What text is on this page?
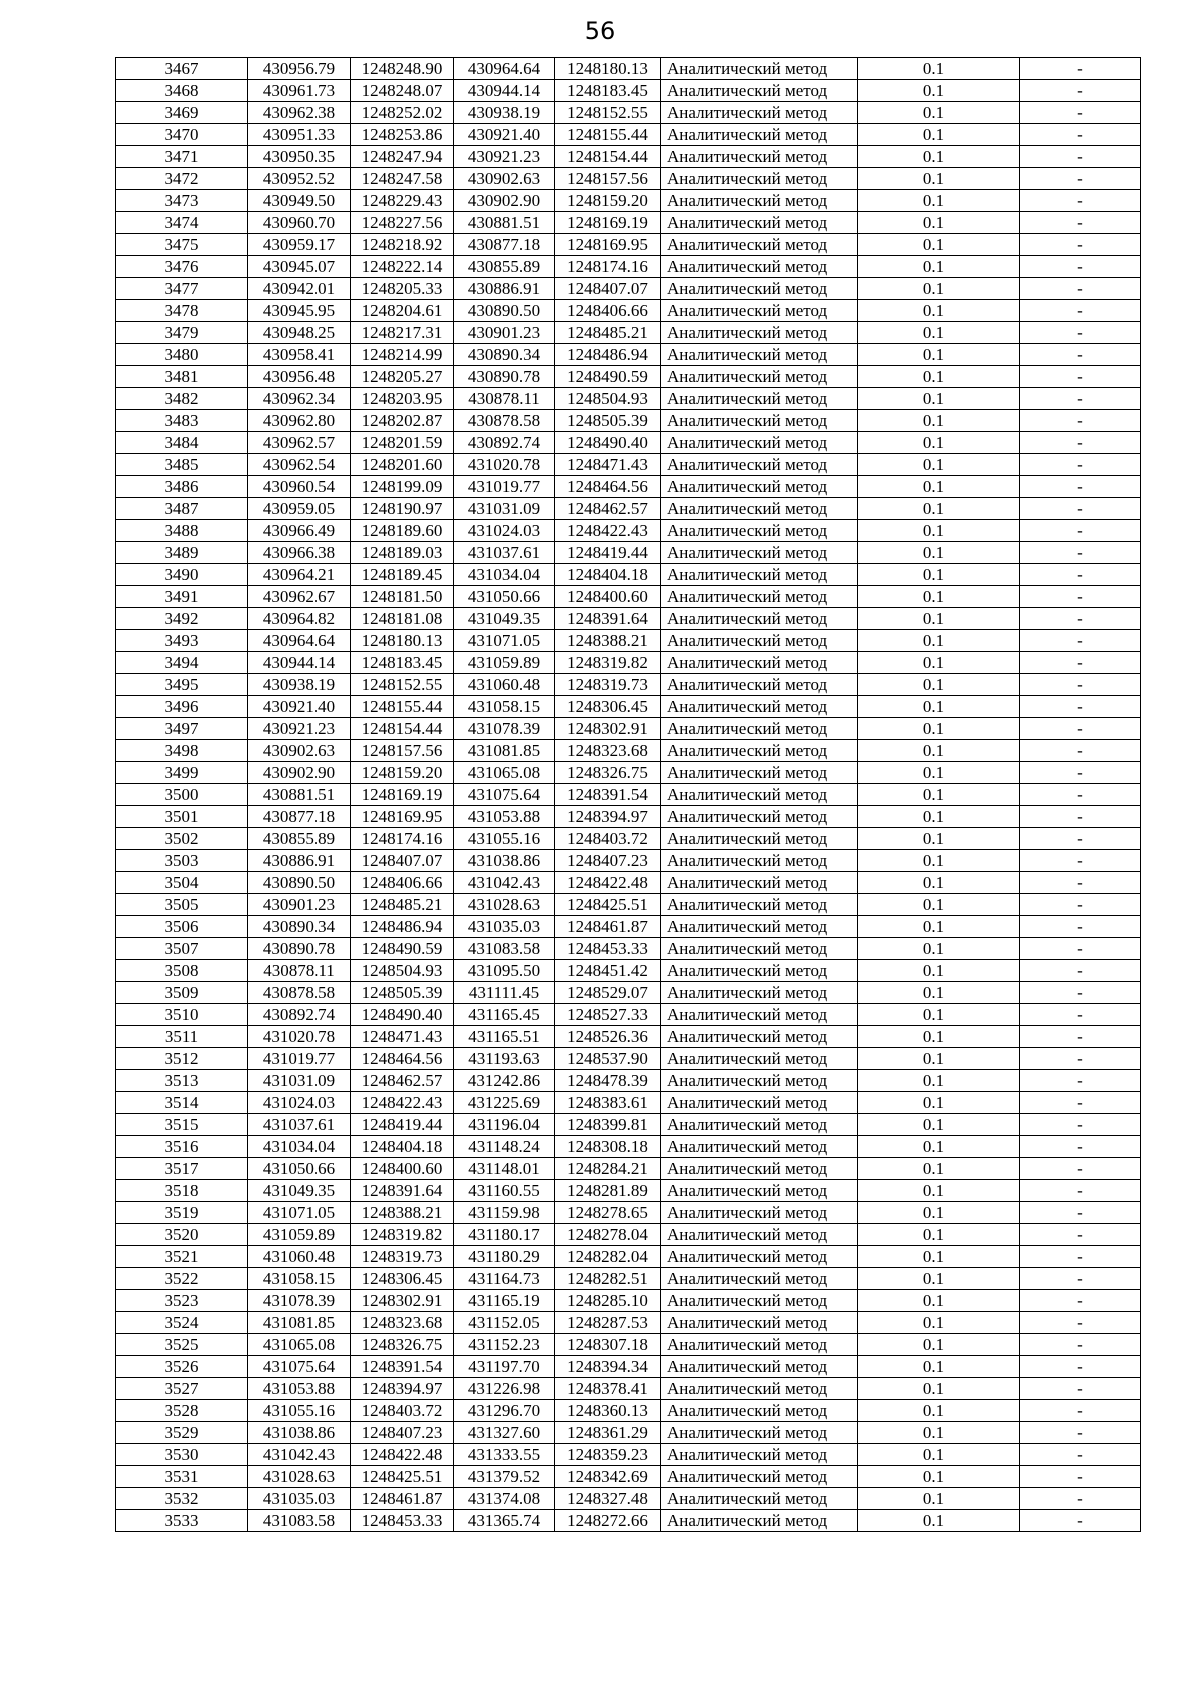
56
3467	430956.79	1248248.90	430964.64	1248180.13	Аналитический метод	0.1	-
3468	430961.73	1248248.07	430944.14	1248183.45	Аналитический метод	0.1	-
3469	430962.38	1248252.02	430938.19	1248152.55	Аналитический метод	0.1	-
3470	430951.33	1248253.86	430921.40	1248155.44	Аналитический метод	0.1	-
3471	430950.35	1248247.94	430921.23	1248154.44	Аналитический метод	0.1	-
3472	430952.52	1248247.58	430902.63	1248157.56	Аналитический метод	0.1	-
3473	430949.50	1248229.43	430902.90	1248159.20	Аналитический метод	0.1	-
3474	430960.70	1248227.56	430881.51	1248169.19	Аналитический метод	0.1	-
3475	430959.17	1248218.92	430877.18	1248169.95	Аналитический метод	0.1	-
3476	430945.07	1248222.14	430855.89	1248174.16	Аналитический метод	0.1	-
3477	430942.01	1248205.33	430886.91	1248407.07	Аналитический метод	0.1	-
3478	430945.95	1248204.61	430890.50	1248406.66	Аналитический метод	0.1	-
3479	430948.25	1248217.31	430901.23	1248485.21	Аналитический метод	0.1	-
3480	430958.41	1248214.99	430890.34	1248486.94	Аналитический метод	0.1	-
3481	430956.48	1248205.27	430890.78	1248490.59	Аналитический метод	0.1	-
3482	430962.34	1248203.95	430878.11	1248504.93	Аналитический метод	0.1	-
3483	430962.80	1248202.87	430878.58	1248505.39	Аналитический метод	0.1	-
3484	430962.57	1248201.59	430892.74	1248490.40	Аналитический метод	0.1	-
3485	430962.54	1248201.60	431020.78	1248471.43	Аналитический метод	0.1	-
3486	430960.54	1248199.09	431019.77	1248464.56	Аналитический метод	0.1	-
3487	430959.05	1248190.97	431031.09	1248462.57	Аналитический метод	0.1	-
3488	430966.49	1248189.60	431024.03	1248422.43	Аналитический метод	0.1	-
3489	430966.38	1248189.03	431037.61	1248419.44	Аналитический метод	0.1	-
3490	430964.21	1248189.45	431034.04	1248404.18	Аналитический метод	0.1	-
3491	430962.67	1248181.50	431050.66	1248400.60	Аналитический метод	0.1	-
3492	430964.82	1248181.08	431049.35	1248391.64	Аналитический метод	0.1	-
3493	430964.64	1248180.13	431071.05	1248388.21	Аналитический метод	0.1	-
3494	430944.14	1248183.45	431059.89	1248319.82	Аналитический метод	0.1	-
3495	430938.19	1248152.55	431060.48	1248319.73	Аналитический метод	0.1	-
3496	430921.40	1248155.44	431058.15	1248306.45	Аналитический метод	0.1	-
3497	430921.23	1248154.44	431078.39	1248302.91	Аналитический метод	0.1	-
3498	430902.63	1248157.56	431081.85	1248323.68	Аналитический метод	0.1	-
3499	430902.90	1248159.20	431065.08	1248326.75	Аналитический метод	0.1	-
3500	430881.51	1248169.19	431075.64	1248391.54	Аналитический метод	0.1	-
3501	430877.18	1248169.95	431053.88	1248394.97	Аналитический метод	0.1	-
3502	430855.89	1248174.16	431055.16	1248403.72	Аналитический метод	0.1	-
3503	430886.91	1248407.07	431038.86	1248407.23	Аналитический метод	0.1	-
3504	430890.50	1248406.66	431042.43	1248422.48	Аналитический метод	0.1	-
3505	430901.23	1248485.21	431028.63	1248425.51	Аналитический метод	0.1	-
3506	430890.34	1248486.94	431035.03	1248461.87	Аналитический метод	0.1	-
3507	430890.78	1248490.59	431083.58	1248453.33	Аналитический метод	0.1	-
3508	430878.11	1248504.93	431095.50	1248451.42	Аналитический метод	0.1	-
3509	430878.58	1248505.39	431111.45	1248529.07	Аналитический метод	0.1	-
3510	430892.74	1248490.40	431165.45	1248527.33	Аналитический метод	0.1	-
3511	431020.78	1248471.43	431165.51	1248526.36	Аналитический метод	0.1	-
3512	431019.77	1248464.56	431193.63	1248537.90	Аналитический метод	0.1	-
3513	431031.09	1248462.57	431242.86	1248478.39	Аналитический метод	0.1	-
3514	431024.03	1248422.43	431225.69	1248383.61	Аналитический метод	0.1	-
3515	431037.61	1248419.44	431196.04	1248399.81	Аналитический метод	0.1	-
3516	431034.04	1248404.18	431148.24	1248308.18	Аналитический метод	0.1	-
3517	431050.66	1248400.60	431148.01	1248284.21	Аналитический метод	0.1	-
3518	431049.35	1248391.64	431160.55	1248281.89	Аналитический метод	0.1	-
3519	431071.05	1248388.21	431159.98	1248278.65	Аналитический метод	0.1	-
3520	431059.89	1248319.82	431180.17	1248278.04	Аналитический метод	0.1	-
3521	431060.48	1248319.73	431180.29	1248282.04	Аналитический метод	0.1	-
3522	431058.15	1248306.45	431164.73	1248282.51	Аналитический метод	0.1	-
3523	431078.39	1248302.91	431165.19	1248285.10	Аналитический метод	0.1	-
3524	431081.85	1248323.68	431152.05	1248287.53	Аналитический метод	0.1	-
3525	431065.08	1248326.75	431152.23	1248307.18	Аналитический метод	0.1	-
3526	431075.64	1248391.54	431197.70	1248394.34	Аналитический метод	0.1	-
3527	431053.88	1248394.97	431226.98	1248378.41	Аналитический метод	0.1	-
3528	431055.16	1248403.72	431296.70	1248360.13	Аналитический метод	0.1	-
3529	431038.86	1248407.23	431327.60	1248361.29	Аналитический метод	0.1	-
3530	431042.43	1248422.48	431333.55	1248359.23	Аналитический метод	0.1	-
3531	431028.63	1248425.51	431379.52	1248342.69	Аналитический метод	0.1	-
3532	431035.03	1248461.87	431374.08	1248327.48	Аналитический метод	0.1	-
3533	431083.58	1248453.33	431365.74	1248272.66	Аналитический метод	0.1	-
